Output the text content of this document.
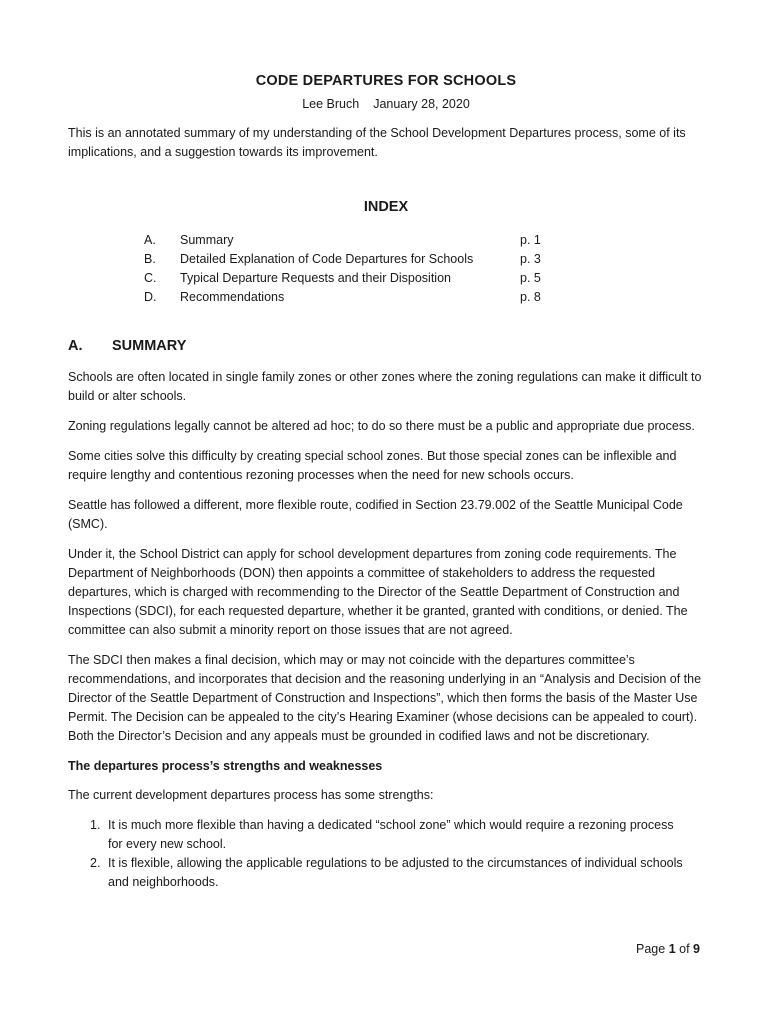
CODE DEPARTURES FOR SCHOOLS
Lee Bruch January 28, 2020

This is an annotated summary of my understanding of the School Development Departures process, some of its implications, and a suggestion towards its improvement.

INDEX
A.	Summary	p. 1
B.	Detailed Explanation of Code Departures for Schools	p. 3
C.	Typical Departure Requests and their Disposition	p. 5
D.	Recommendations	p. 8
A.	SUMMARY

Schools are often located in single family zones or other zones where the zoning regulations can make it difficult to build or alter schools.

Zoning regulations legally cannot be altered ad hoc; to do so there must be a public and appropriate due process.

Some cities solve this difficulty by creating special school zones. But those special zones can be inflexible and require lengthy and contentious rezoning processes when the need for new schools occurs.

Seattle has followed a different, more flexible route, codified in Section 23.79.002 of the Seattle Municipal Code (SMC).

Under it, the School District can apply for school development departures from zoning code requirements. The Department of Neighborhoods (DON) then appoints a committee of stakeholders to address the requested departures, which is charged with recommending to the Director of the Seattle Department of Construction and Inspections (SDCI), for each requested departure, whether it be granted, granted with conditions, or denied. The committee can also submit a minority report on those issues that are not agreed.

The SDCI then makes a final decision, which may or may not coincide with the departures committee’s recommendations, and incorporates that decision and the reasoning underlying in an “Analysis and Decision of the Director of the Seattle Department of Construction and Inspections”, which then forms the basis of the Master Use Permit. The Decision can be appealed to the city’s Hearing Examiner (whose decisions can be appealed to court). Both the Director’s Decision and any appeals must be grounded in codified laws and not be discretionary.

The departures process’s strengths and weaknesses

The current development departures process has some strengths:

1. It is much more flexible than having a dedicated “school zone” which would require a rezoning process for every new school.
2. It is flexible, allowing the applicable regulations to be adjusted to the circumstances of individual schools and neighborhoods.
Page 1 of 9
